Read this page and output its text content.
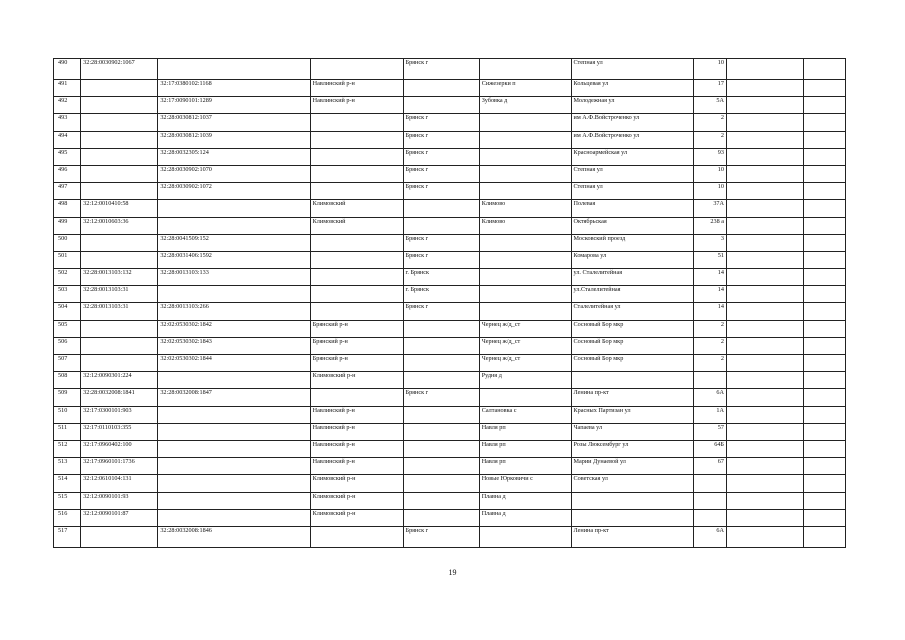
490	32:28:0030902:1067			Брянск г		Степная ул	10		
491		32:17:0380102:1168	Навлинский р-н		Сижезерки п	Кольцевая ул	17		
492		32:17:0090101:1289	Навлинский р-н		Зубовка д	Молодежная ул	5А		
493		32:28:0030812:1037		Брянск г		им А.Ф.Войстроченко ул	2		
494		32:28:0030812:1039		Брянск г		им А.Ф.Войстроченко ул	2		
495		32:28:0032305:124		Брянск г		Красноармейская ул	93		
496		32:28:0030902:1070		Брянск г		Степная ул	10		
497		32:28:0030902:1072		Брянск г		Степная ул	10		
498	32:12:0010410:58		Климовский		Климово	Полевая	37А		
499	32:12:0010603:36		Климовский		Климово	Октябрьская	238 а		
500		32:28:0041509:152		Брянск г		Московский проезд	3		
501		32:28:0031406:1592		Брянск г		Комарова ул	51		
502	32:28:0013103:132	32:28:0013103:133		г. Брянск		ул. Сталелитейная	14		
503	32:28:0013103:31			г. Брянск		ул.Сталелитейная	14		
504	32:28:0013103:31	32:28:0013103:266		Брянск г		Сталелитейная ул	14		
505		32:02:0530302:1842	Брянский р-н		Чернец ж/д_ст	Сосновый Бор мкр	2		
506		32:02:0530302:1843	Брянский р-н		Чернец ж/д_ст	Сосновый Бор мкр	2		
507		32:02:0530302:1844	Брянский р-н		Чернец ж/д_ст	Сосновый Бор мкр	2		
508	32:12:0090301:224		Климовский р-н		Рудня д				
509	32:28:0032008:1841	32:28:0032008:1847		Брянск г		Ленина пр-кт	6А		
510	32:17:0300101:903		Навлинский р-н		Салтановка с	Красных Партизан ул	1А		
511	32:17:0110103:355		Навлинский р-н		Навля рп	Чапаева ул	57		
512	32:17:0960402:100		Навлинский р-н		Навля рп	Розы Люксембург ул	64Б		
513	32:17:0960101:1736		Навлинский р-н		Навля рп	Марии Дунаевой ул	67		
514	32:12:0610104:131		Климовский р-н		Новые Юрковичи с	Советская ул			
515	32:12:0090101:93		Климовский р-н		Плавна д				
516	32:12:0090101:87		Климовский р-н		Плавна д				
517		32:28:0032008:1846		Брянск г		Ленина пр-кт	6А		
19
